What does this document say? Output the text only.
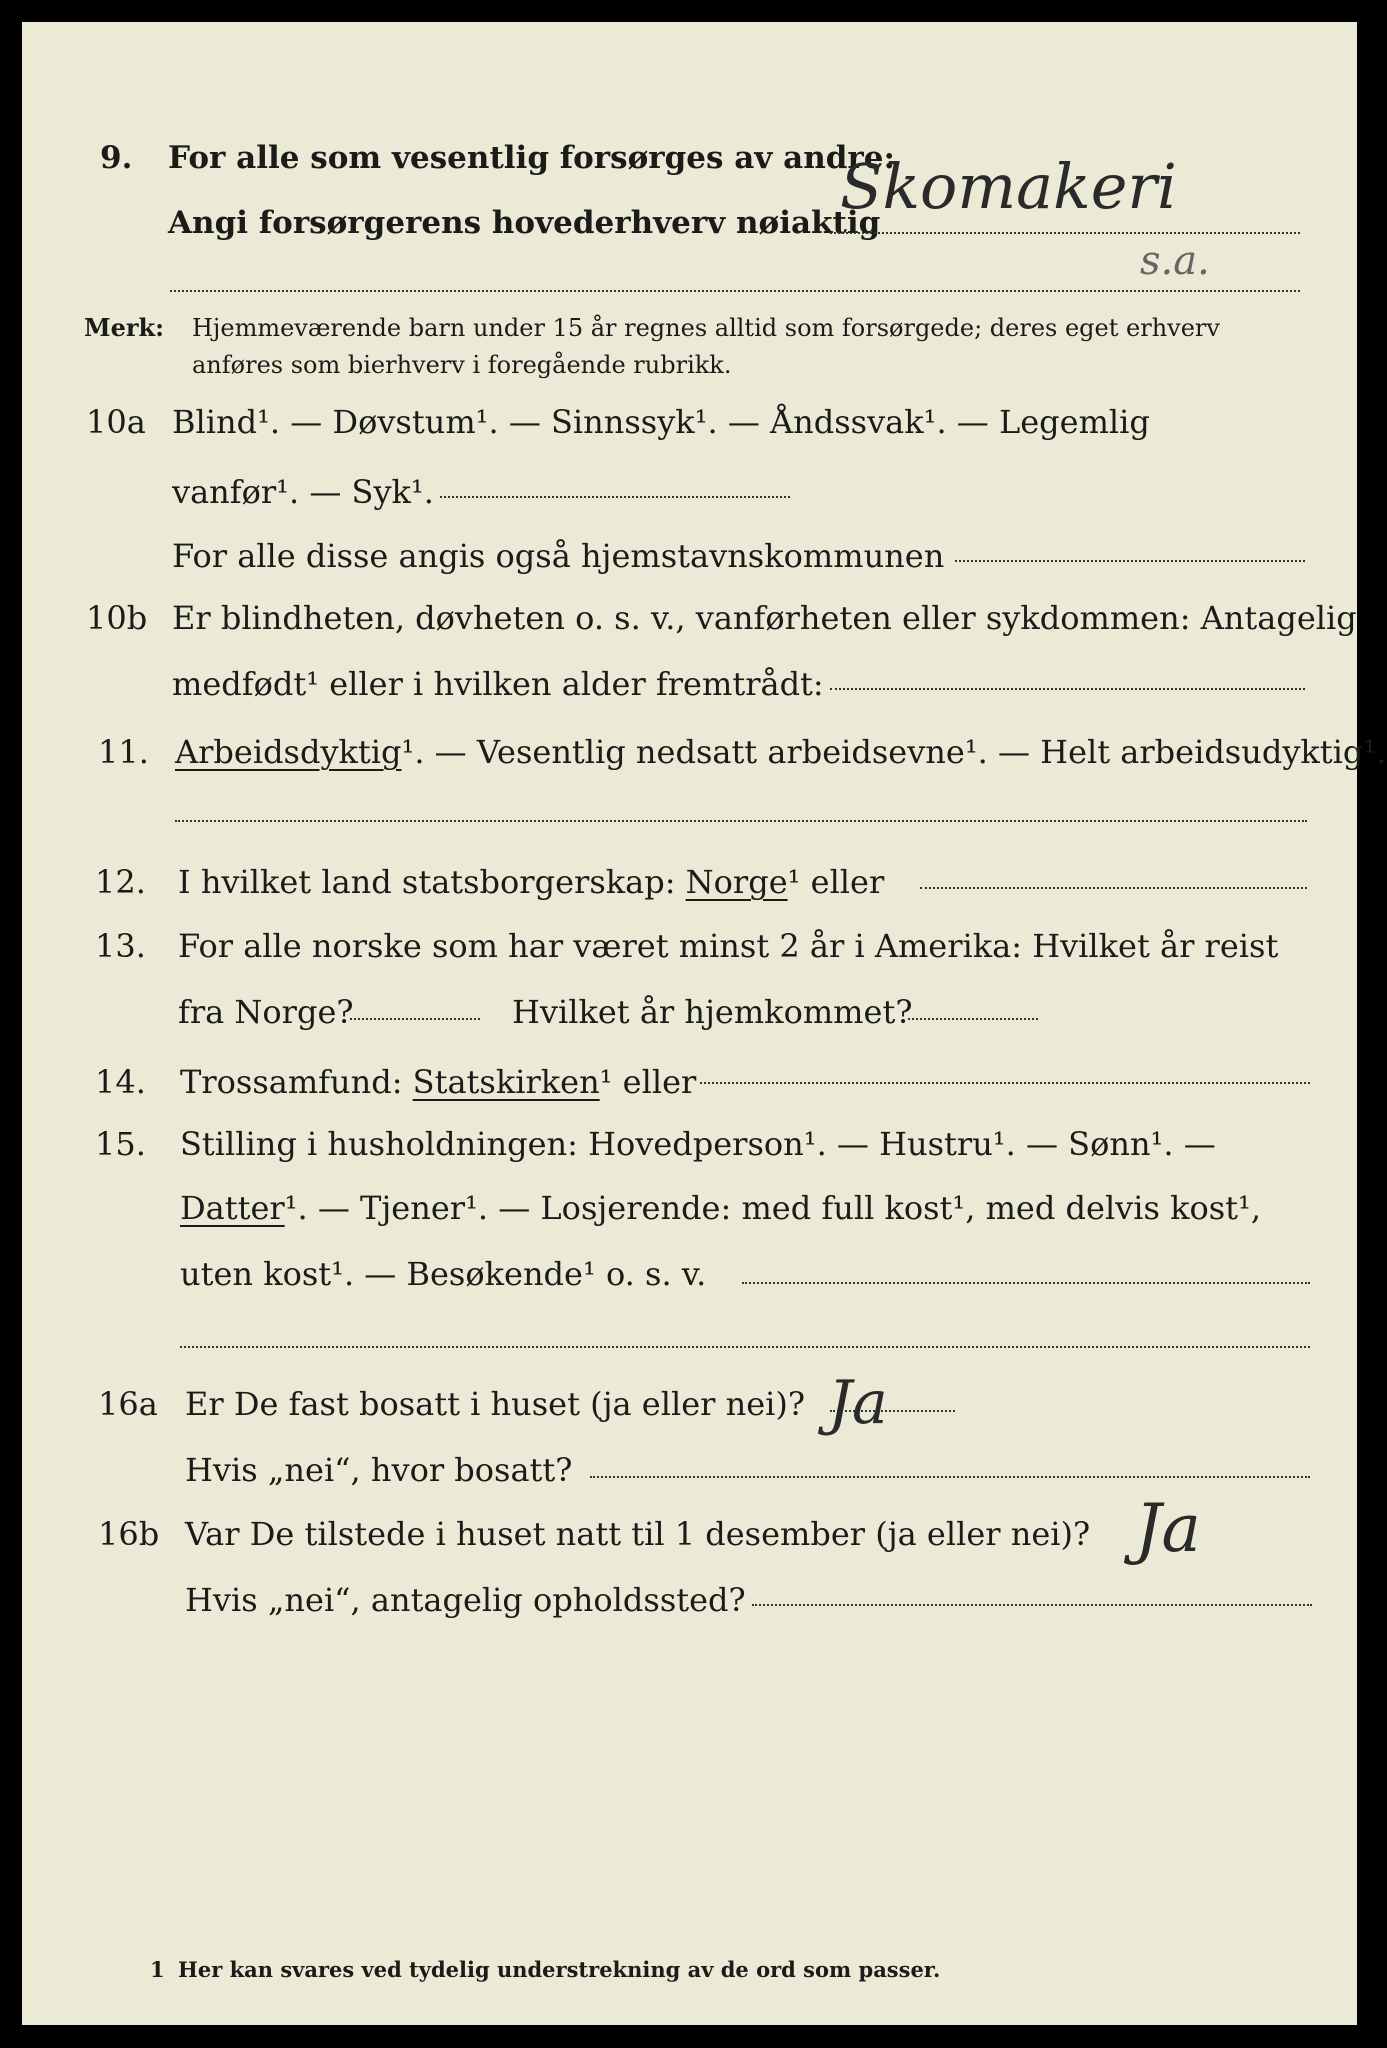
9. For alle som vesentlig forsørges av andre:
Angi forsørgerens hovederhverv nøiaktig
Skomakeri
s.a.
Merk: Hjemmeværende barn under 15 år regnes alltid som forsørgede; deres eget erhverv
anføres som bierhverv i foregående rubrikk.
10a Blind¹. — Døvstum¹. — Sinnssyk¹. — Åndssvak¹. — Legemlig
vanfør¹. — Syk¹.
For alle disse angis også hjemstavnskommunen
10b Er blindheten, døvheten o. s. v., vanførheten eller sykdommen: Antagelig
medfødt¹ eller i hvilken alder fremtrådt:
11. Arbeidsdyktig¹. — Vesentlig nedsatt arbeidsevne¹. — Helt arbeidsudyktig¹.
12. I hvilket land statsborgerskap: Norge¹ eller
13. For alle norske som har været minst 2 år i Amerika: Hvilket år reist
fra Norge?	Hvilket år hjemkommet?
14. Trossamfund: Statskirken¹ eller
15. Stilling i husholdningen: Hovedperson¹. — Hustru¹. — Sønn¹. —
Datter¹. — Tjener¹. — Losjerende: med full kost¹, med delvis kost¹,
uten kost¹. — Besøkende¹ o. s. v.
16a Er De fast bosatt i huset (ja eller nei)? Ja
Hvis „nei“, hvor bosatt?
16b Var De tilstede i huset natt til 1 desember (ja eller nei)? Ja
Hvis „nei“, antagelig opholdssted?
1 Her kan svares ved tydelig understrekning av de ord som passer.
